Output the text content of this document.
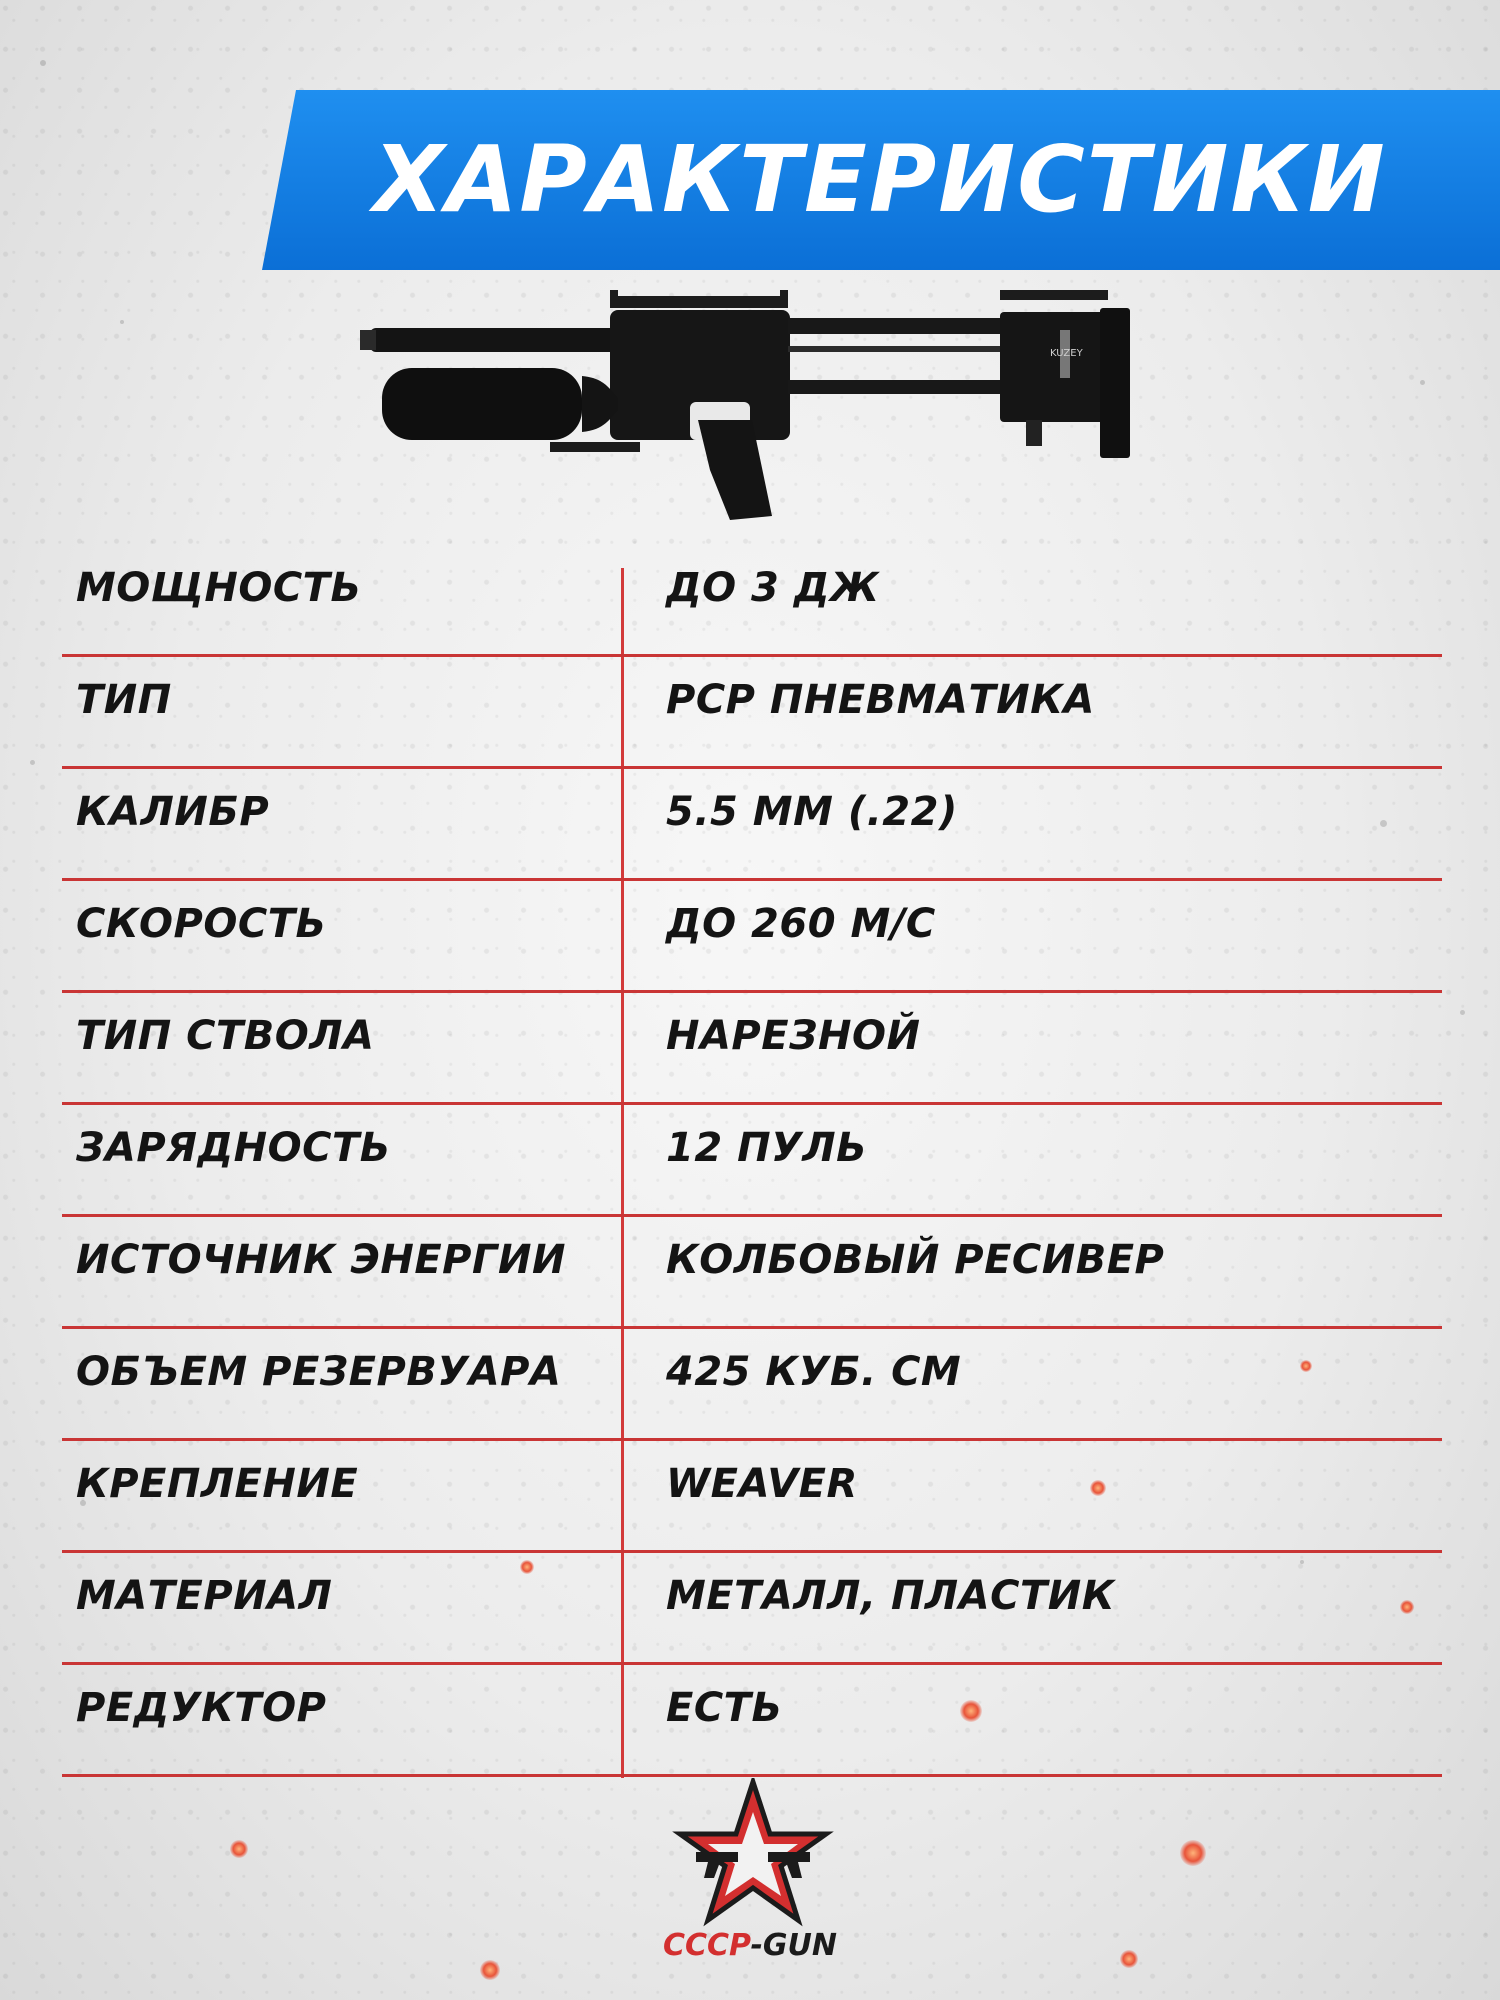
ХАРАКТЕРИСТИКИ
KUZEY
МОЩНОСТЬ	ДО 3 ДЖ
ТИП	PCP ПНЕВМАТИКА
КАЛИБР	5.5 ММ (.22)
СКОРОСТЬ	ДО 260 М/С
ТИП СТВОЛА	НАРЕЗНОЙ
ЗАРЯДНОСТЬ	12 ПУЛЬ
ИСТОЧНИК ЭНЕРГИИ	КОЛБОВЫЙ РЕСИВЕР
ОБЪЕМ РЕЗЕРВУАРА	425 КУБ. СМ
КРЕПЛЕНИЕ	WEAVER
МАТЕРИАЛ	МЕТАЛЛ, ПЛАСТИК
РЕДУКТОР	ЕСТЬ
CCCP-GUN
